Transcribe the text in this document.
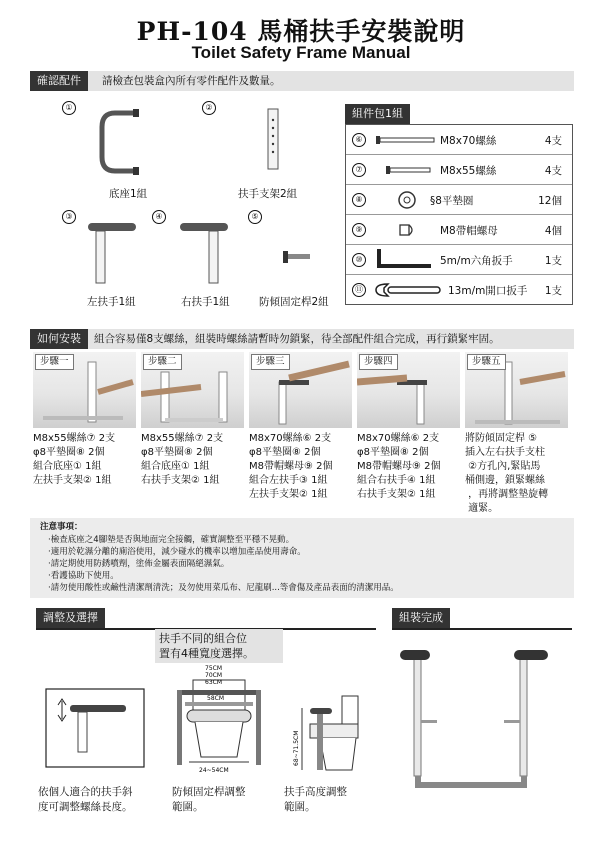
PH-104 馬桶扶手安裝說明
Toilet Safety Frame Manual
確認配件	請檢查包裝盒內所有零件配件及數量。
①	②
③	④	⑤
底座1組	扶手支架2組
左扶手1組	右扶手1組	防傾固定桿2組
組件包1組
⑥	M8x70螺絲	4支
⑦	M8x55螺絲	4支
⑧	§8平墊圈	12個
⑨	M8帶帽螺母	4個
⑩	5m/m六角扳手	1支
⑪	13m/m開口扳手 1支
如何安裝	組合容易僅8支螺絲，組裝時螺絲請暫時勿鎖緊，待全部配件組合完成，再行鎖緊牢固。
步驟一	步驟二	步驟三	步驟四	步驟五
M8x55螺絲⑦ 2支
φ8平墊圈⑧ 2個
組合底座① 1組
左扶手支架② 1組
M8x55螺絲⑦ 2支
φ8平墊圈⑧ 2個
組合底座① 1組
右扶手支架② 1組
M8x70螺絲⑥ 2支
φ8平墊圈⑧ 2個
M8帶帽螺母⑨ 2個
組合左扶手③ 1組
左扶手支架② 1組
M8x70螺絲⑥ 2支
φ8平墊圈⑧ 2個
M8帶帽螺母⑨ 2個
組合右扶手④ 1組
右扶手支架② 1組
將防傾固定桿 ⑤
插入左右扶手支柱
②方孔內,緊貼馬
桶側邊，鎖緊螺絲
，再將調整墊旋轉
適緊。
注意事項：
‧檢查底座之4腳墊是否與地面完全接觸，確實調整至平穩不晃動。
‧適用於乾濕分離的廁浴使用，減少碰水的機率以增加產品使用壽命。
‧請定期使用防銹噴劑，塗佈金屬表面隔絕濕氣。
‧看護協助下使用。
‧請勿使用酸性或鹼性清潔劑清洗；及勿使用菜瓜布、尼龍刷...等會傷及產品表面的清潔用品。
調整及選擇	組裝完成
扶手不同的組合位
置有4種寬度選擇。
75CM
70CM
63CM
58CM
24~54CM
68~71.5CM
依個人適合的扶手斜
度可調整螺絲長度。
防傾固定桿調整
範圍。
扶手高度調整
範圍。
